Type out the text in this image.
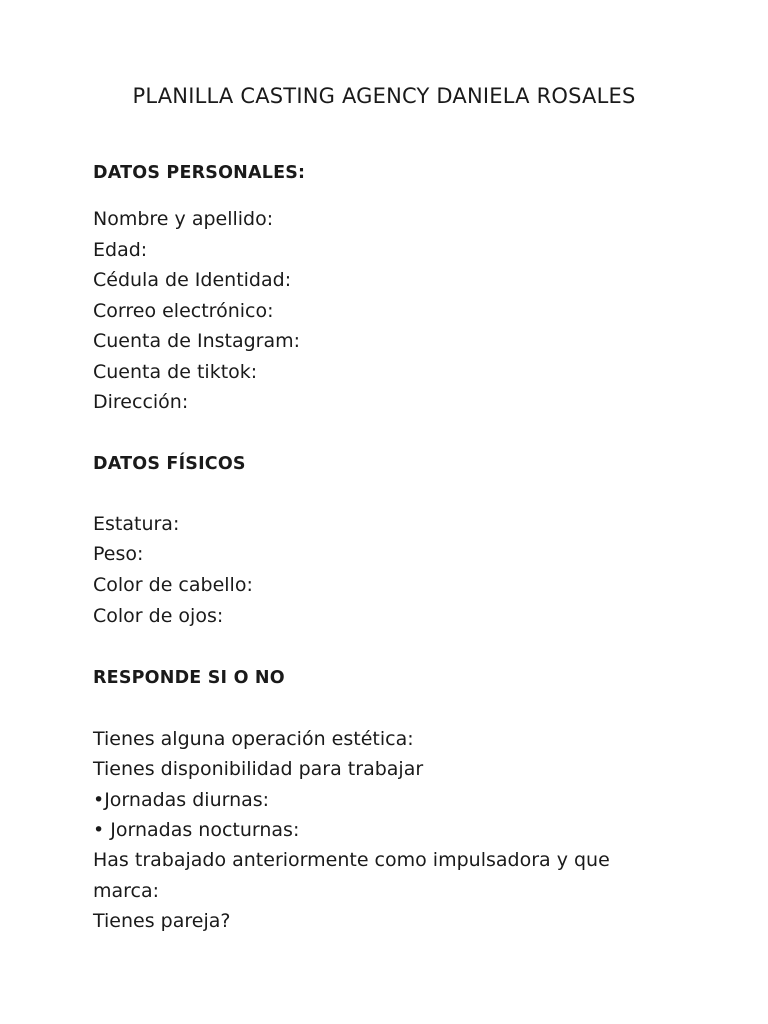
PLANILLA CASTING AGENCY DANIELA ROSALES
DATOS PERSONALES:
Nombre y apellido:
Edad:
Cédula de Identidad:
Correo electrónico:
Cuenta de Instagram:
Cuenta de tiktok:
Dirección:
DATOS FÍSICOS
Estatura:
Peso:
Color de cabello:
Color de ojos:
RESPONDE SI O NO
Tienes alguna operación estética:
Tienes disponibilidad para trabajar
•Jornadas diurnas:
• Jornadas nocturnas:
Has trabajado anteriormente como impulsadora y que
marca:
Tienes pareja?
